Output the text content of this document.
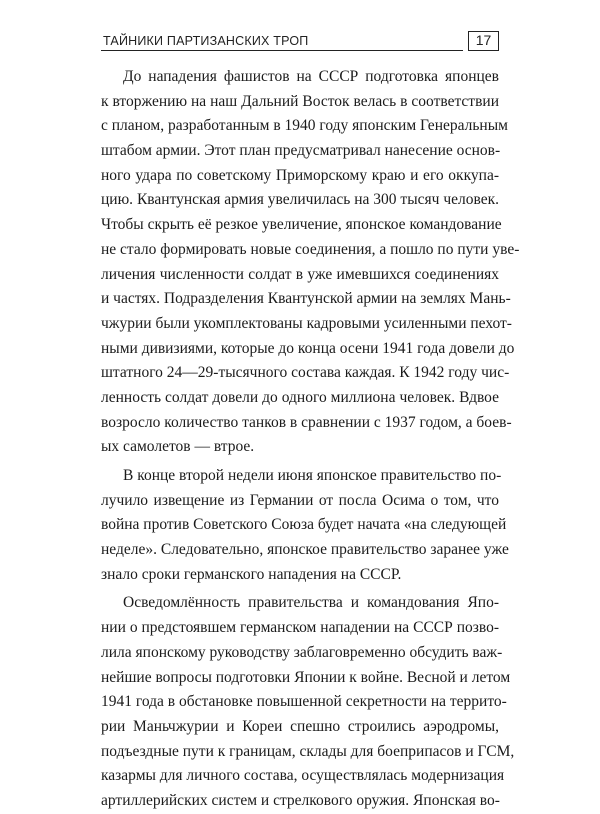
ТАЙНИКИ ПАРТИЗАНСКИХ ТРОП	17
До нападения фашистов на СССР подготовка японцев
к вторжению на наш Дальний Восток велась в соответствии
с планом, разработанным в 1940 году японским Генеральным
штабом армии. Этот план предусматривал нанесение основ-
ного удара по советскому Приморскому краю и его оккупа-
цию. Квантунская армия увеличилась на 300 тысяч человек.
Чтобы скрыть её резкое увеличение, японское командование
не стало формировать новые соединения, а пошло по пути уве-
личения численности солдат в уже имевшихся соединениях
и частях. Подразделения Квантунской армии на землях Мань-
чжурии были укомплектованы кадровыми усиленными пехот-
ными дивизиями, которые до конца осени 1941 года довели до
штатного 24—29-тысячного состава каждая. К 1942 году чис-
ленность солдат довели до одного миллиона человек. Вдвое
возросло количество танков в сравнении с 1937 годом, а боев-
ых самолетов — втрое.
В конце второй недели июня японское правительство по-
лучило извещение из Германии от посла Осима о том, что
война против Советского Союза будет начата «на следующей
неделе». Следовательно, японское правительство заранее уже
знало сроки германского нападения на СССР.
Осведомлённость правительства и командования Япо-
нии о предстоявшем германском нападении на СССР позво-
лила японскому руководству заблаговременно обсудить важ-
нейшие вопросы подготовки Японии к войне. Весной и летом
1941 года в обстановке повышенной секретности на террито-
рии Маньчжурии и Кореи спешно строились аэродромы,
подъездные пути к границам, склады для боеприпасов и ГСМ,
казармы для личного состава, осуществлялась модернизация
артиллерийских систем и стрелкового оружия. Японская во-
